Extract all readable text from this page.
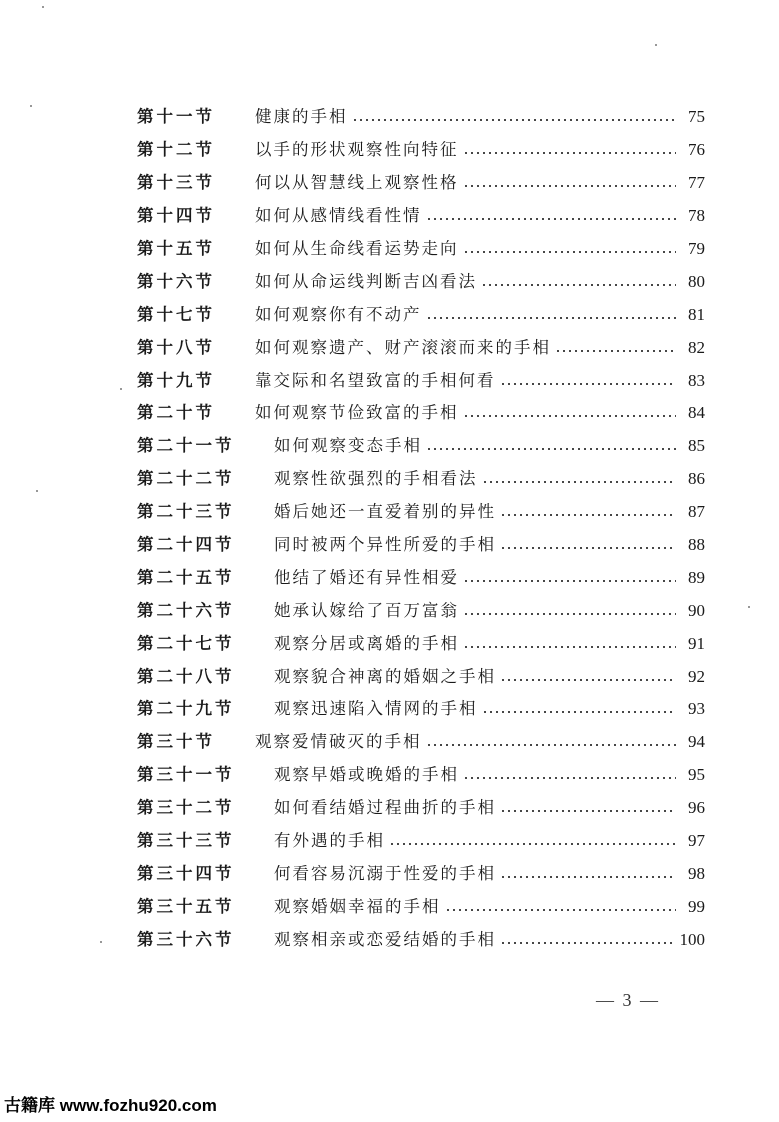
第十一节	健康的手相	75
第十二节	以手的形状观察性向特征	76
第十三节	何以从智慧线上观察性格	77
第十四节	如何从感情线看性情	78
第十五节	如何从生命线看运势走向	79
第十六节	如何从命运线判断吉凶看法	80
第十七节	如何观察你有不动产	81
第十八节	如何观察遗产、财产滚滚而来的手相	82
第十九节	靠交际和名望致富的手相何看	83
第二十节	如何观察节俭致富的手相	84
第二十一节	如何观察变态手相	85
第二十二节	观察性欲强烈的手相看法	86
第二十三节	婚后她还一直爱着别的异性	87
第二十四节	同时被两个异性所爱的手相	88
第二十五节	他结了婚还有异性相爱	89
第二十六节	她承认嫁给了百万富翁	90
第二十七节	观察分居或离婚的手相	91
第二十八节	观察貌合神离的婚姻之手相	92
第二十九节	观察迅速陷入情网的手相	93
第三十节	观察爱情破灭的手相	94
第三十一节	观察早婚或晚婚的手相	95
第三十二节	如何看结婚过程曲折的手相	96
第三十三节	有外遇的手相	97
第三十四节	何看容易沉溺于性爱的手相	98
第三十五节	观察婚姻幸福的手相	99
第三十六节	观察相亲或恋爱结婚的手相	100
— 3 —
古籍库 www.fozhu920.com
